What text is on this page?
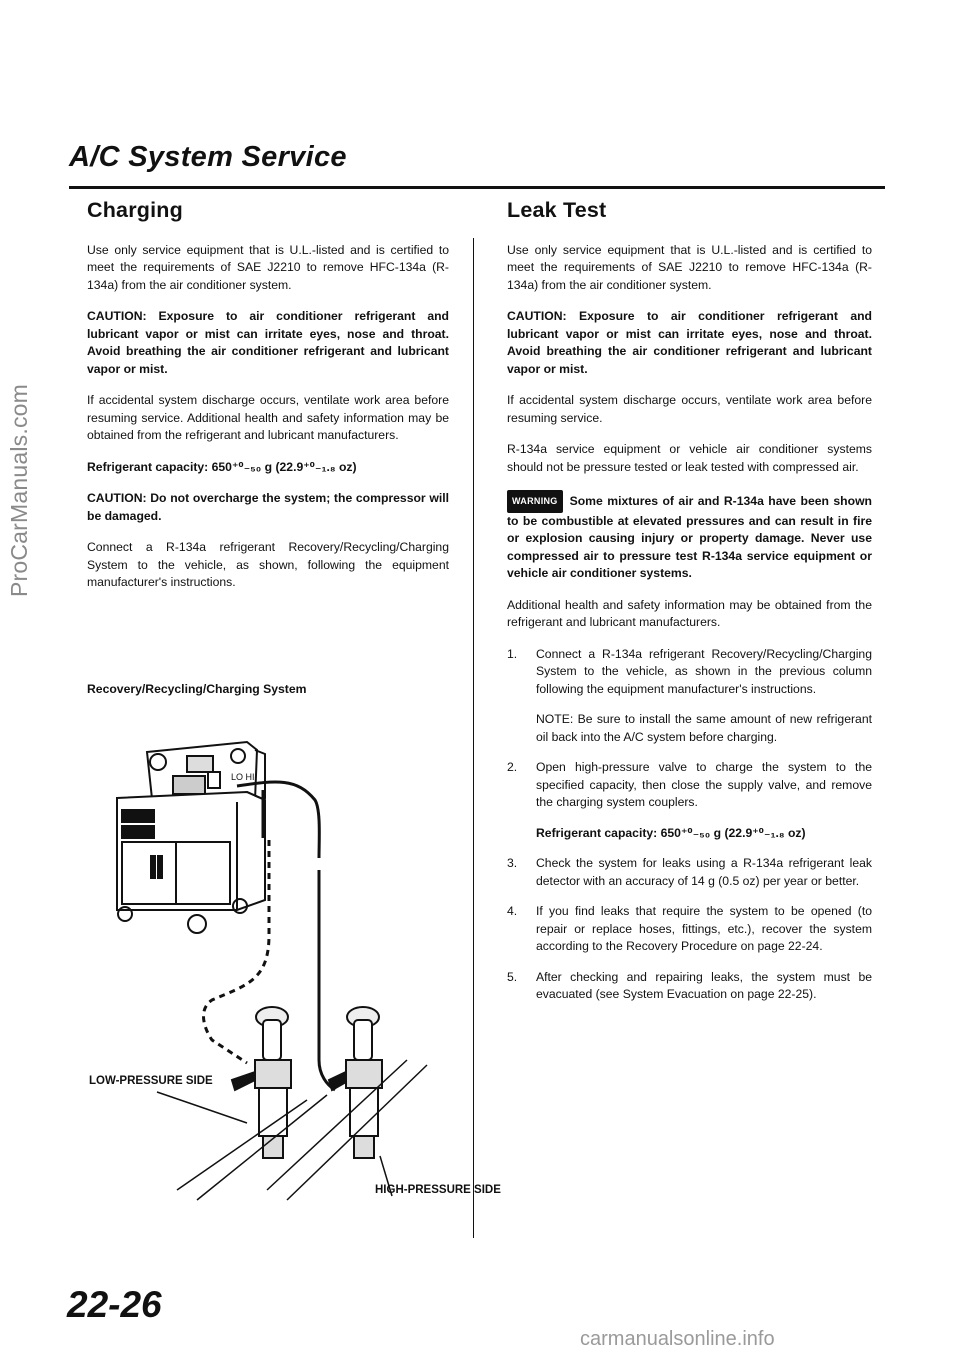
ProCarManuals.com
A/C System Service
Charging

Use only service equipment that is U.L.-listed and is certified to meet the requirements of SAE J2210 to remove HFC-134a (R-134a) from the air conditioner system.

CAUTION: Exposure to air conditioner refrigerant and lubricant vapor or mist can irritate eyes, nose and throat. Avoid breathing the air conditioner refrigerant and lubricant vapor or mist.

If accidental system discharge occurs, ventilate work area before resuming service. Additional health and safety information may be obtained from the refrigerant and lubricant manufacturers.

Refrigerant capacity: 650⁺⁰₋₅₀ g (22.9⁺⁰₋₁.₈ oz)

CAUTION: Do not overcharge the system; the compressor will be damaged.

Connect a R-134a refrigerant Recovery/Recycling/Charging System to the vehicle, as shown, following the equipment manufacturer's instructions.

Recovery/Recycling/Charging System
LO HI
LOW-PRESSURE SIDE
HIGH-PRESSURE SIDE
Leak Test

Use only service equipment that is U.L.-listed and is certified to meet the requirements of SAE J2210 to remove HFC-134a (R-134a) from the air conditioner system.

CAUTION: Exposure to air conditioner refrigerant and lubricant vapor or mist can irritate eyes, nose and throat. Avoid breathing the air conditioner refrigerant and lubricant vapor or mist.

If accidental system discharge occurs, ventilate work area before resuming service.

R-134a service equipment or vehicle air conditioner systems should not be pressure tested or leak tested with compressed air.

WARNING Some mixtures of air and R-134a have been shown to be combustible at elevated pressures and can result in fire or explosion causing injury or property damage. Never use compressed air to pressure test R-134a service equipment or vehicle air conditioner systems.

Additional health and safety information may be obtained from the refrigerant and lubricant manufacturers.

1. Connect a R-134a refrigerant Recovery/Recycling/Charging System to the vehicle, as shown in the previous column following the equipment manufacturer's instructions.
NOTE: Be sure to install the same amount of new refrigerant oil back into the A/C system before charging.
2. Open high-pressure valve to charge the system to the specified capacity, then close the supply valve, and remove the charging system couplers.
Refrigerant capacity: 650⁺⁰₋₅₀ g (22.9⁺⁰₋₁.₈ oz)
3. Check the system for leaks using a R-134a refrigerant leak detector with an accuracy of 14 g (0.5 oz) per year or better.
4. If you find leaks that require the system to be opened (to repair or replace hoses, fittings, etc.), recover the system according to the Recovery Procedure on page 22-24.
5. After checking and repairing leaks, the system must be evacuated (see System Evacuation on page 22-25).
22-26
carmanualsonline.info
